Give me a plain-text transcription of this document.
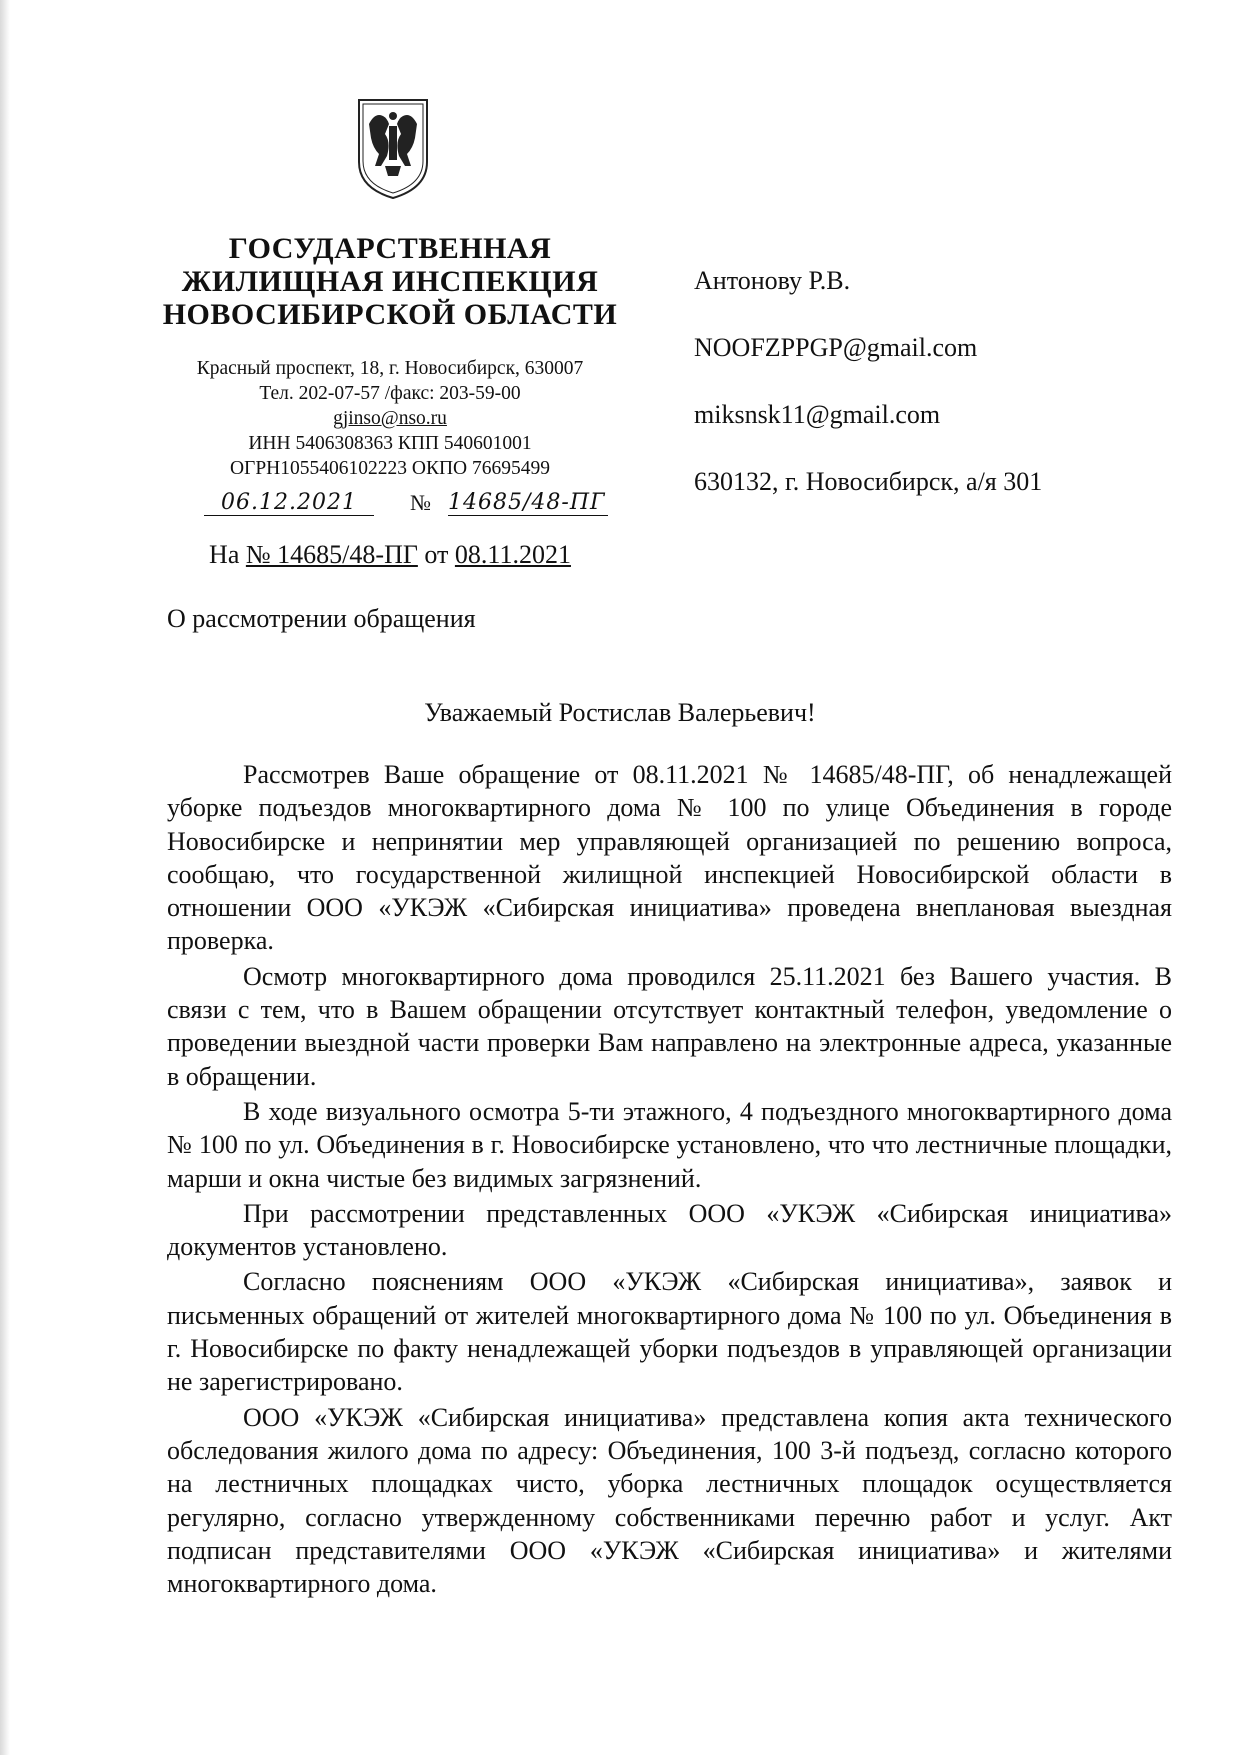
ГОСУДАРСТВЕННАЯ
ЖИЛИЩНАЯ ИНСПЕКЦИЯ
НОВОСИБИРСКОЙ ОБЛАСТИ
Красный проспект, 18, г. Новосибирск, 630007
Тел. 202-07-57 /факс: 203-59-00
gjinso@nso.ru
ИНН 5406308363 КПП 540601001
ОГРН1055406102223 ОКПО 76695499
06.12.2021	№ 14685/48-ПГ
На № 14685/48-ПГ от 08.11.2021
Антонову Р.В.
NOOFZPPGP@gmail.com
miksnsk11@gmail.com
630132, г. Новосибирск, а/я 301
О рассмотрении обращения
Уважаемый Ростислав Валерьевич!

Рассмотрев Ваше обращение от 08.11.2021 № 14685/48-ПГ, об ненадлежащей уборке подъездов многоквартирного дома № 100 по улице Объединения в городе Новосибирске и непринятии мер управляющей организацией по решению вопроса, сообщаю, что государственной жилищной инспекцией Новосибирской области в отношении ООО «УКЭЖ «Сибирская инициатива» проведена внеплановая выездная проверка.

Осмотр многоквартирного дома проводился 25.11.2021 без Вашего участия. В связи с тем, что в Вашем обращении отсутствует контактный телефон, уведомление о проведении выездной части проверки Вам направлено на электронные адреса, указанные в обращении.

В ходе визуального осмотра 5-ти этажного, 4 подъездного многоквартирного дома № 100 по ул. Объединения в г. Новосибирске установлено, что что лестничные площадки, марши и окна чистые без видимых загрязнений.

При рассмотрении представленных ООО «УКЭЖ «Сибирская инициатива» документов установлено.

Согласно пояснениям ООО «УКЭЖ «Сибирская инициатива», заявок и письменных обращений от жителей многоквартирного дома № 100 по ул. Объединения в г. Новосибирске по факту ненадлежащей уборки подъездов в управляющей организации не зарегистрировано.

ООО «УКЭЖ «Сибирская инициатива» представлена копия акта технического обследования жилого дома по адресу: Объединения, 100 3-й подъезд, согласно которого на лестничных площадках чисто, уборка лестничных площадок осуществляется регулярно, согласно утвержденному собственниками перечню работ и услуг. Акт подписан представителями ООО «УКЭЖ «Сибирская инициатива» и жителями многоквартирного дома.
